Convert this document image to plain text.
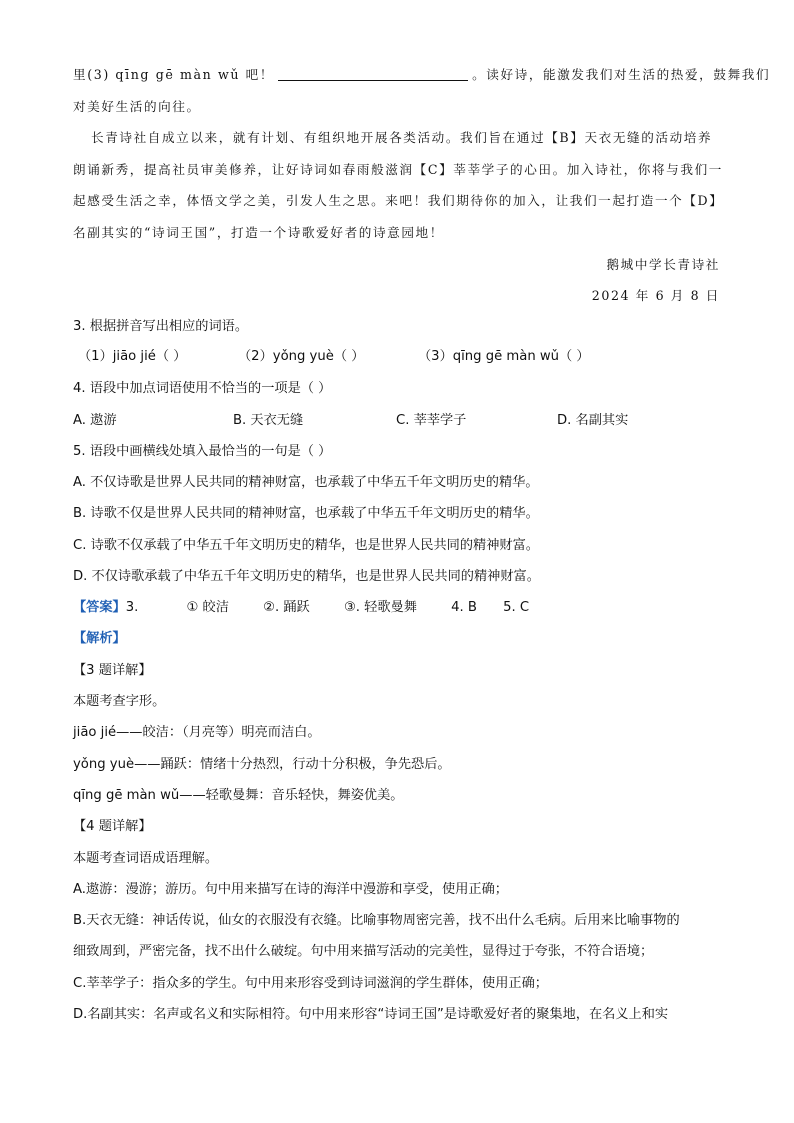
里(3) qīng gē màn wǔ 吧！	。读好诗，能激发我们对生活的热爱，鼓舞我们
对美好生活的向往。
长青诗社自成立以来，就有计划、有组织地开展各类活动。我们旨在通过【B】天衣无缝的活动培养
朗诵新秀，提高社员审美修养，让好诗词如春雨般滋润【C】莘莘学子的心田。加入诗社，你将与我们一
起感受生活之幸，体悟文学之美，引发人生之思。来吧！我们期待你的加入，让我们一起打造一个【D】
名副其实的“诗词王国”，打造一个诗歌爱好者的诗意园地！
鹅城中学长青诗社
2024 年 6 月 8 日
3. 根据拼音写出相应的词语。
（1）jiāo jié（ ）	（2）yǒng yuè（ ）	（3）qīng gē màn wǔ（ ）
4. 语段中加点词语使用不恰当的一项是（ ）
A. 遨游	B. 天衣无缝	C. 莘莘学子	D. 名副其实
5. 语段中画横线处填入最恰当的一句是（ ）
A. 不仅诗歌是世界人民共同的精神财富，也承载了中华五千年文明历史的精华。
B. 诗歌不仅是世界人民共同的精神财富，也承载了中华五千年文明历史的精华。
C. 诗歌不仅承载了中华五千年文明历史的精华，也是世界人民共同的精神财富。
D. 不仅诗歌承载了中华五千年文明历史的精华，也是世界人民共同的精神财富。
【答案】3.	① 皎洁	②. 踊跃	③. 轻歌曼舞	4. B 5. C
【解析】
【3 题详解】
本题考查字形。
jiāo jié——皎洁：（月亮等）明亮而洁白。
yǒng yuè——踊跃：情绪十分热烈，行动十分积极，争先恐后。
qīng gē màn wǔ——轻歌曼舞：音乐轻快，舞姿优美。
【4 题详解】
本题考查词语成语理解。
A.遨游：漫游；游历。句中用来描写在诗的海洋中漫游和享受，使用正确；
B.天衣无缝：神话传说，仙女的衣服没有衣缝。比喻事物周密完善，找不出什么毛病。后用来比喻事物的
细致周到，严密完备，找不出什么破绽。句中用来描写活动的完美性，显得过于夸张，不符合语境；
C.莘莘学子：指众多的学生。句中用来形容受到诗词滋润的学生群体，使用正确；
D.名副其实：名声或名义和实际相符。句中用来形容“诗词王国”是诗歌爱好者的聚集地，在名义上和实
